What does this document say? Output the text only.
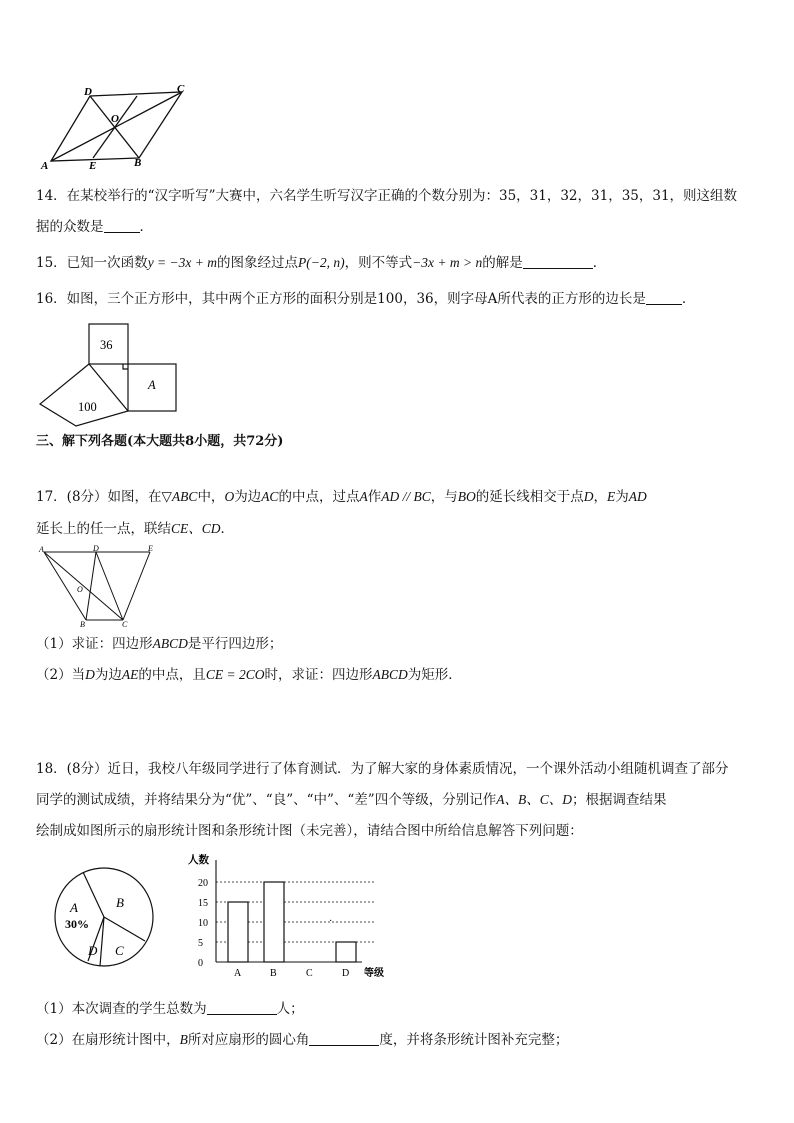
D	C
O
A	E	B
14．在某校举行的“汉字听写”大赛中，六名学生听写汉字正确的个数分别为：35，31，32，31，35，31，则这组数
据的众数是	．
15．已知一次函数y = −3x + m的图象经过点P(−2, n)，则不等式−3x + m > n的解是	．
16．如图，三个正方形中，其中两个正方形的面积分别是100，36，则字母A所代表的正方形的边长是	．
36
100
A
三、解下列各题(本大题共8小题，共72分)
17．(8分）如图，在▽ABC中，O为边AC的中点，过点A作AD // BC，与BO的延长线相交于点D，E为AD
延长上的任一点，联结CE、CD．
A	D	E
O
B	C
（1）求证：四边形ABCD是平行四边形；
（2）当D为边AE的中点，且CE = 2CO时，求证：四边形ABCD为矩形．
18．(8分）近日，我校八年级同学进行了体育测试．为了解大家的身体素质情况，一个课外活动小组随机调查了部分
同学的测试成绩，并将结果分为“优”、“良”、“中”、“差”四个等级，分别记作A、B、C、D；根据调查结果
绘制成如图所示的扇形统计图和条形统计图（未完善），请结合图中所给信息解答下列问题：
A
30%
B
C
D
0
5
10
15
20
A	B	C	D
人数
等级
·
（1）本次调查的学生总数为	人；
（2）在扇形统计图中，B所对应扇形的圆心角	度，并将条形统计图补充完整；
